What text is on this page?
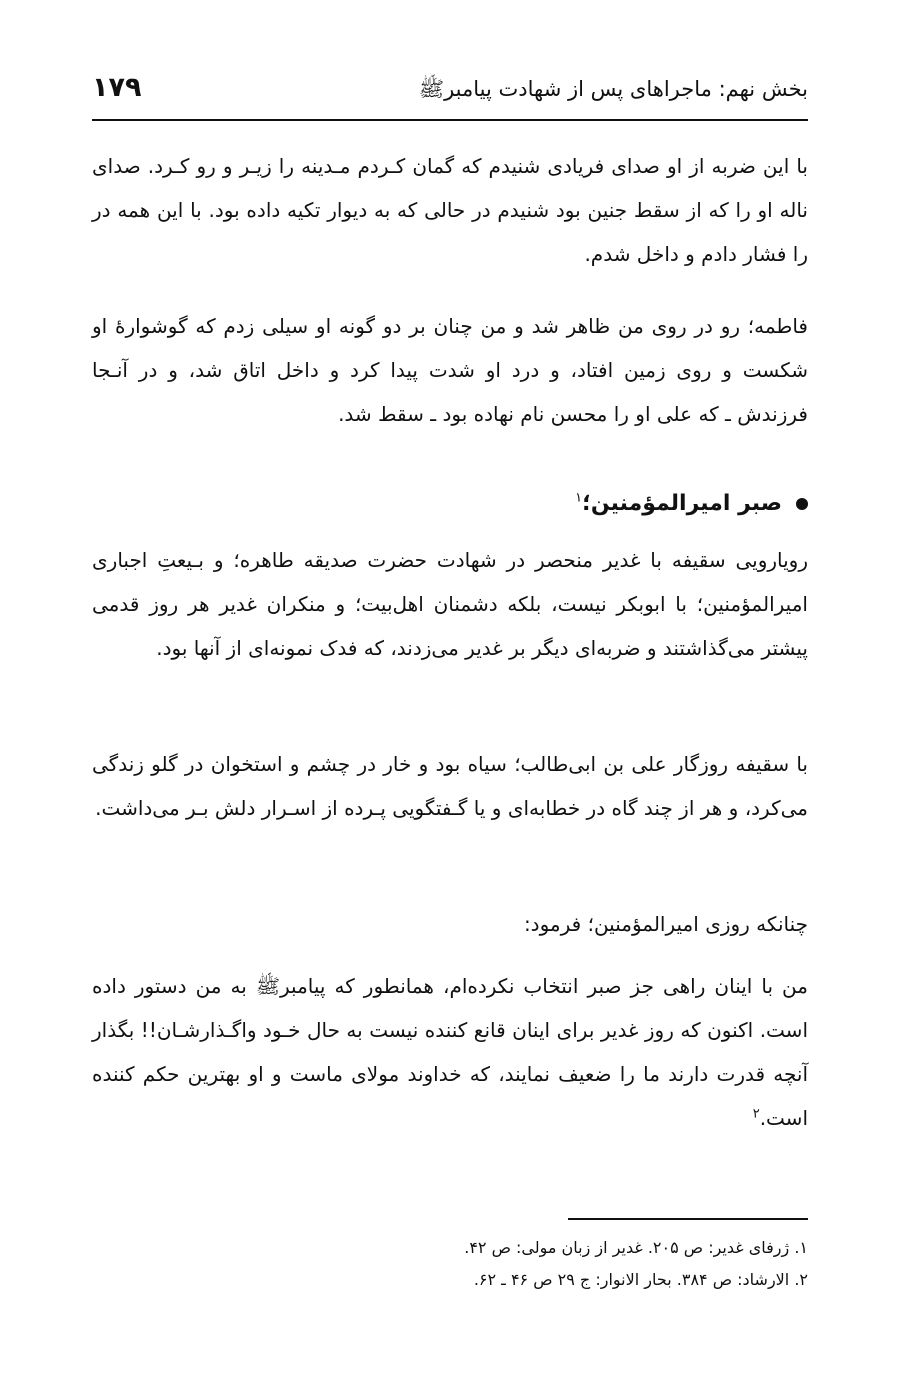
بخش نهم: ماجراهای پس از شهادت پیامبرﷺ
۱۷۹

با این ضربه از او صدای فریادی شنیدم که گمان کـردم مـدینه را زیـر و رو کـرد. صدای ناله او را که از سقط جنین بود شنیدم در حالی که به دیوار تکیه داده بود. با این همه در را فشار دادم و داخل شدم.

فاطمه؛ رو در روی من ظاهر شد و من چنان بر دو گونه او سیلی زدم که گوشوارهٔ او شکست و روی زمین افتاد، و درد او شدت پیدا کرد و داخل اتاق شد، و در آنـجا فرزندش ـ که علی او را محسن نام نهاده بود ـ سقط شد.

صبر امیرالمؤمنین؛$^۱$

رویارویی سقیفه با غدیر منحصر در شهادت حضرت صدیقه طاهره؛ و بـیعتِ اجباری امیرالمؤمنین؛ با ابوبکر نیست، بلکه دشمنان اهل‌بیت؛ و منکران غدیر هر روز قدمی پیشتر می‌گذاشتند و ضربه‌ای دیگر بر غدیر می‌زدند، که فدک نمونه‌ای از آنها بود.

با سقیفه روزگار علی بن ابی‌طالب؛ سیاه بود و خار در چشم و استخوان در گلو زندگی می‌کرد، و هر از چند گاه در خطابه‌ای و یا گـفتگویی پـرده از اسـرار دلش بـر می‌داشت.

چنانکه روزی امیرالمؤمنین؛ فرمود:

من با اینان راهی جز صبر انتخاب نکرده‌ام، همانطور که پیامبرﷺ به من دستور داده است. اکنون که روز غدیر برای اینان قانع کننده نیست به حال خـود واگـذارشـان!! بگذار آنچه قدرت دارند ما را ضعیف نمایند، که خداوند مولای ماست و او بهترین حکم کننده است.$^۲$

۱. ژرفای غدیر: ص ۲۰۵. غدیر از زبان مولی: ص ۴۲.
۲. الارشاد: ص ۳۸۴. بحار الانوار: ج ۲۹ ص ۴۶ ـ ۶۲.
